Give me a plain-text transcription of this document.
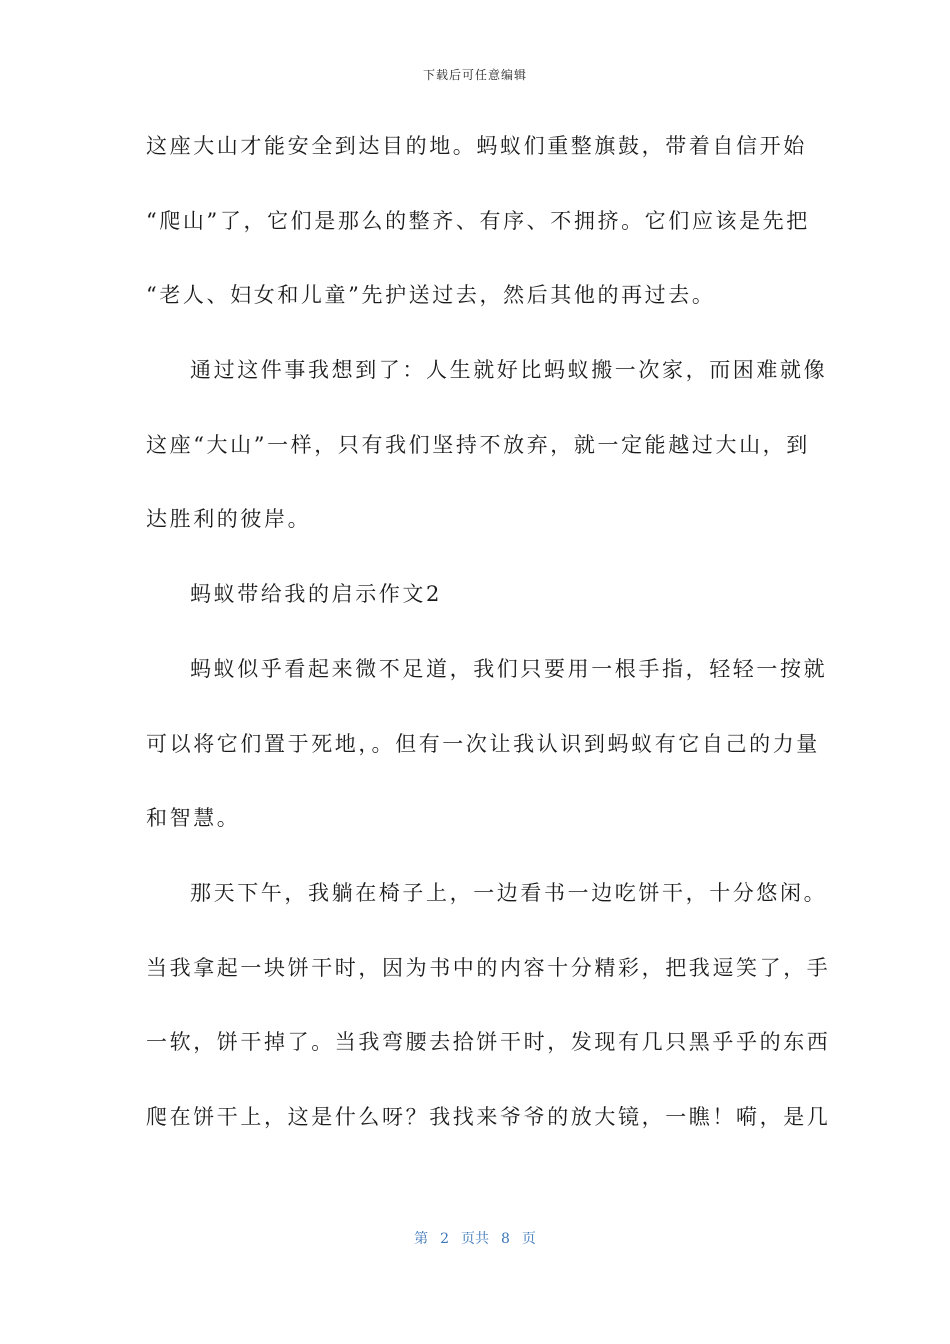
下载后可任意编辑
这座大山才能安全到达目的地。蚂蚁们重整旗鼓，带着自信开始
“爬山”了，它们是那么的整齐、有序、不拥挤。它们应该是先把
“老人、妇女和儿童”先护送过去，然后其他的再过去。
通过这件事我想到了：人生就好比蚂蚁搬一次家，而困难就像
这座“大山”一样，只有我们坚持不放弃，就一定能越过大山，到
达胜利的彼岸。
蚂蚁带给我的启示作文2
蚂蚁似乎看起来微不足道，我们只要用一根手指，轻轻一按就
可以将它们置于死地，。但有一次让我认识到蚂蚁有它自己的力量
和智慧。
那天下午，我躺在椅子上，一边看书一边吃饼干，十分悠闲。
当我拿起一块饼干时，因为书中的内容十分精彩，把我逗笑了，手
一软，饼干掉了。当我弯腰去拾饼干时，发现有几只黑乎乎的东西
爬在饼干上，这是什么呀？我找来爷爷的放大镜，一瞧！嗬，是几
第 2 页共 8 页
